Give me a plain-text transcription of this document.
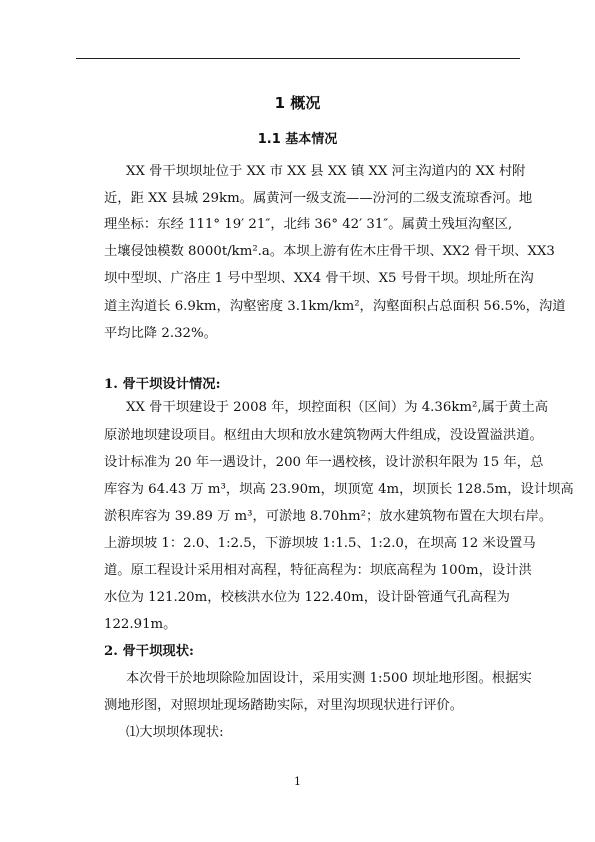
1 概况
1.1 基本情况
XX 骨干坝坝址位于 XX 市 XX 县 XX 镇 XX 河主沟道内的 XX 村附
近，距 XX 县城 29km。属黄河一级支流——汾河的二级支流琼香河。地
理坐标：东经 111° 19′ 21″，北纬 36° 42′ 31″。属黄土残垣沟壑区,
土壤侵蚀模数 8000t/km².a。本坝上游有佐木庄骨干坝、XX2 骨干坝、XX3
坝中型坝、广洛庄 1 号中型坝、XX4 骨干坝、X5 号骨干坝。坝址所在沟
道主沟道长 6.9km，沟壑密度 3.1km/km²，沟壑面积占总面积 56.5%，沟道
平均比降 2.32%。
1. 骨干坝设计情况:
XX 骨干坝建设于 2008 年，坝控面积（区间）为 4.36km²,属于黄土高
原淤地坝建设项目。枢纽由大坝和放水建筑物两大件组成，没设置溢洪道。
设计标准为 20 年一遇设计，200 年一遇校核，设计淤积年限为 15 年，总
库容为 64.43 万 m³，坝高 23.90m，坝顶宽 4m，坝顶长 128.5m，设计坝高
淤积库容为 39.89 万 m³，可淤地 8.70hm²；放水建筑物布置在大坝右岸。
上游坝坡 1：2.0、1:2.5，下游坝坡 1:1.5、1:2.0，在坝高 12 米设置马
道。原工程设计采用相对高程，特征高程为：坝底高程为 100m，设计洪
水位为 121.20m，校核洪水位为 122.40m，设计卧管通气孔高程为
122.91m。
2. 骨干坝现状:
本次骨干於地坝除险加固设计，采用实测 1:500 坝址地形图。根据实
测地形图，对照坝址现场踏勘实际，对里沟坝现状进行评价。
⑴大坝坝体现状:
1
